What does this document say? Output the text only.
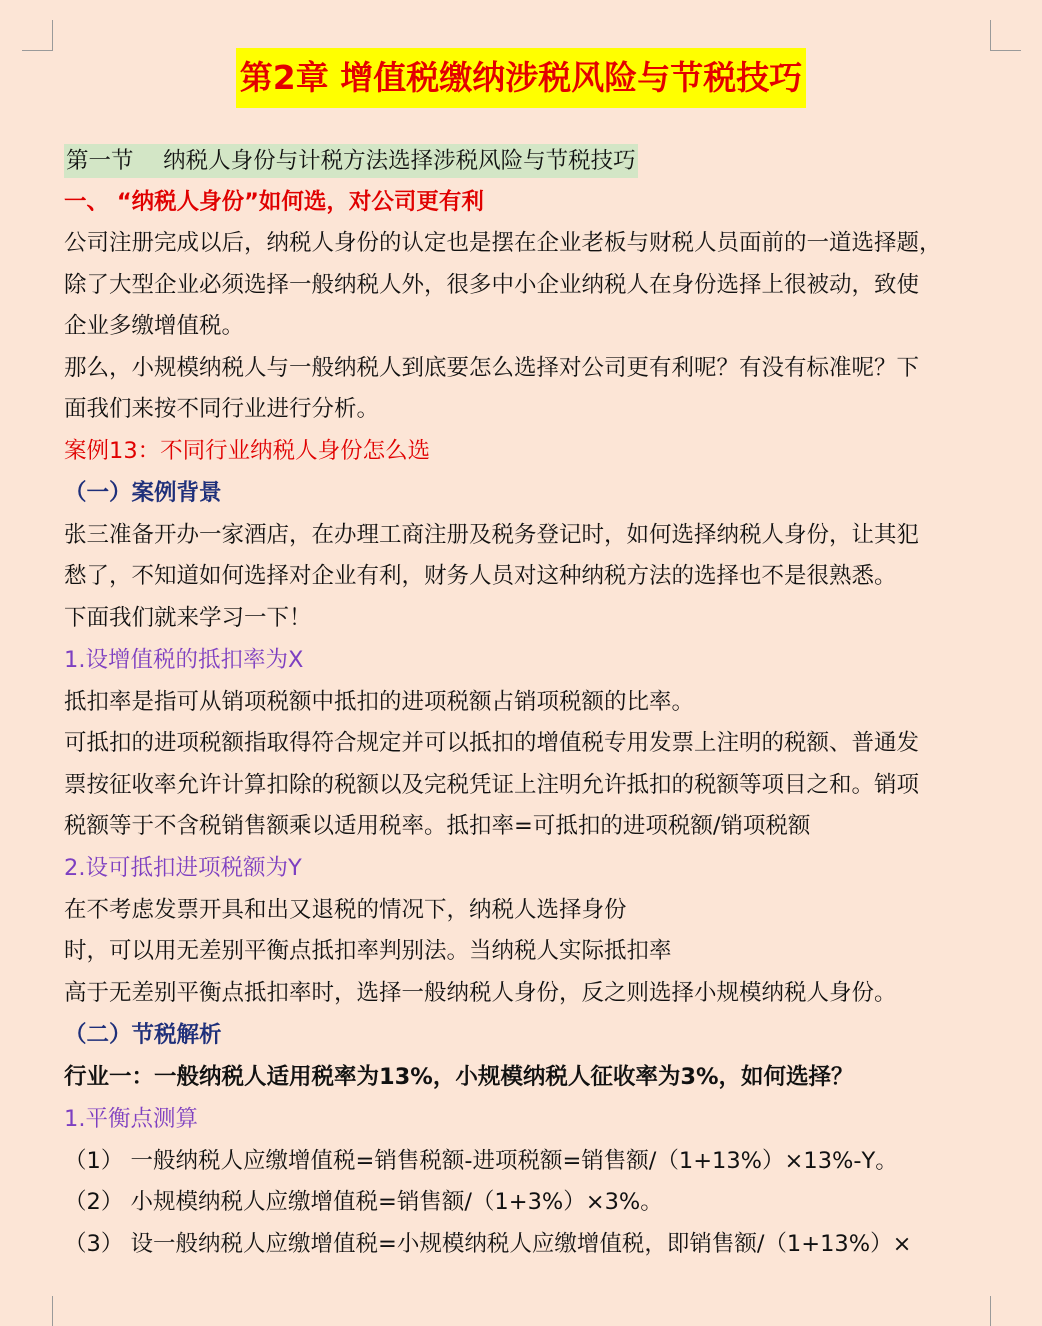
第2章 增值税缴纳涉税风险与节税技巧
第一节 　纳税人身份与计税方法选择涉税风险与节税技巧
一、 “纳税人身份”如何选，对公司更有利
公司注册完成以后，纳税人身份的认定也是摆在企业老板与财税人员面前的一道选择题，
除了大型企业必须选择一般纳税人外，很多中小企业纳税人在身份选择上很被动，致使
企业多缴增值税。
那么，小规模纳税人与一般纳税人到底要怎么选择对公司更有利呢？有没有标准呢？下
面我们来按不同行业进行分析。
案例13：不同行业纳税人身份怎么选
（一）案例背景
张三准备开办一家酒店，在办理工商注册及税务登记时，如何选择纳税人身份，让其犯
愁了，不知道如何选择对企业有利，财务人员对这种纳税方法的选择也不是很熟悉。
下面我们就来学习一下！
1.设增值税的抵扣率为X
抵扣率是指可从销项税额中抵扣的进项税额占销项税额的比率。
可抵扣的进项税额指取得符合规定并可以抵扣的增值税专用发票上注明的税额、普通发
票按征收率允许计算扣除的税额以及完税凭证上注明允许抵扣的税额等项目之和。销项
税额等于不含税销售额乘以适用税率。抵扣率=可抵扣的进项税额/销项税额
2.设可抵扣进项税额为Y
在不考虑发票开具和出又退税的情况下，纳税人选择身份
时，可以用无差别平衡点抵扣率判别法。当纳税人实际抵扣率
高于无差别平衡点抵扣率时，选择一般纳税人身份，反之则选择小规模纳税人身份。
（二）节税解析
行业一：一般纳税人适用税率为13%，小规模纳税人征收率为3%，如何选择？
1.平衡点测算
（1） 一般纳税人应缴增值税=销售税额-进项税额=销售额/（1+13%）×13%-Y。
（2） 小规模纳税人应缴增值税=销售额/（1+3%）×3%。
（3） 设一般纳税人应缴增值税=小规模纳税人应缴增值税，即销售额/（1+13%）×
